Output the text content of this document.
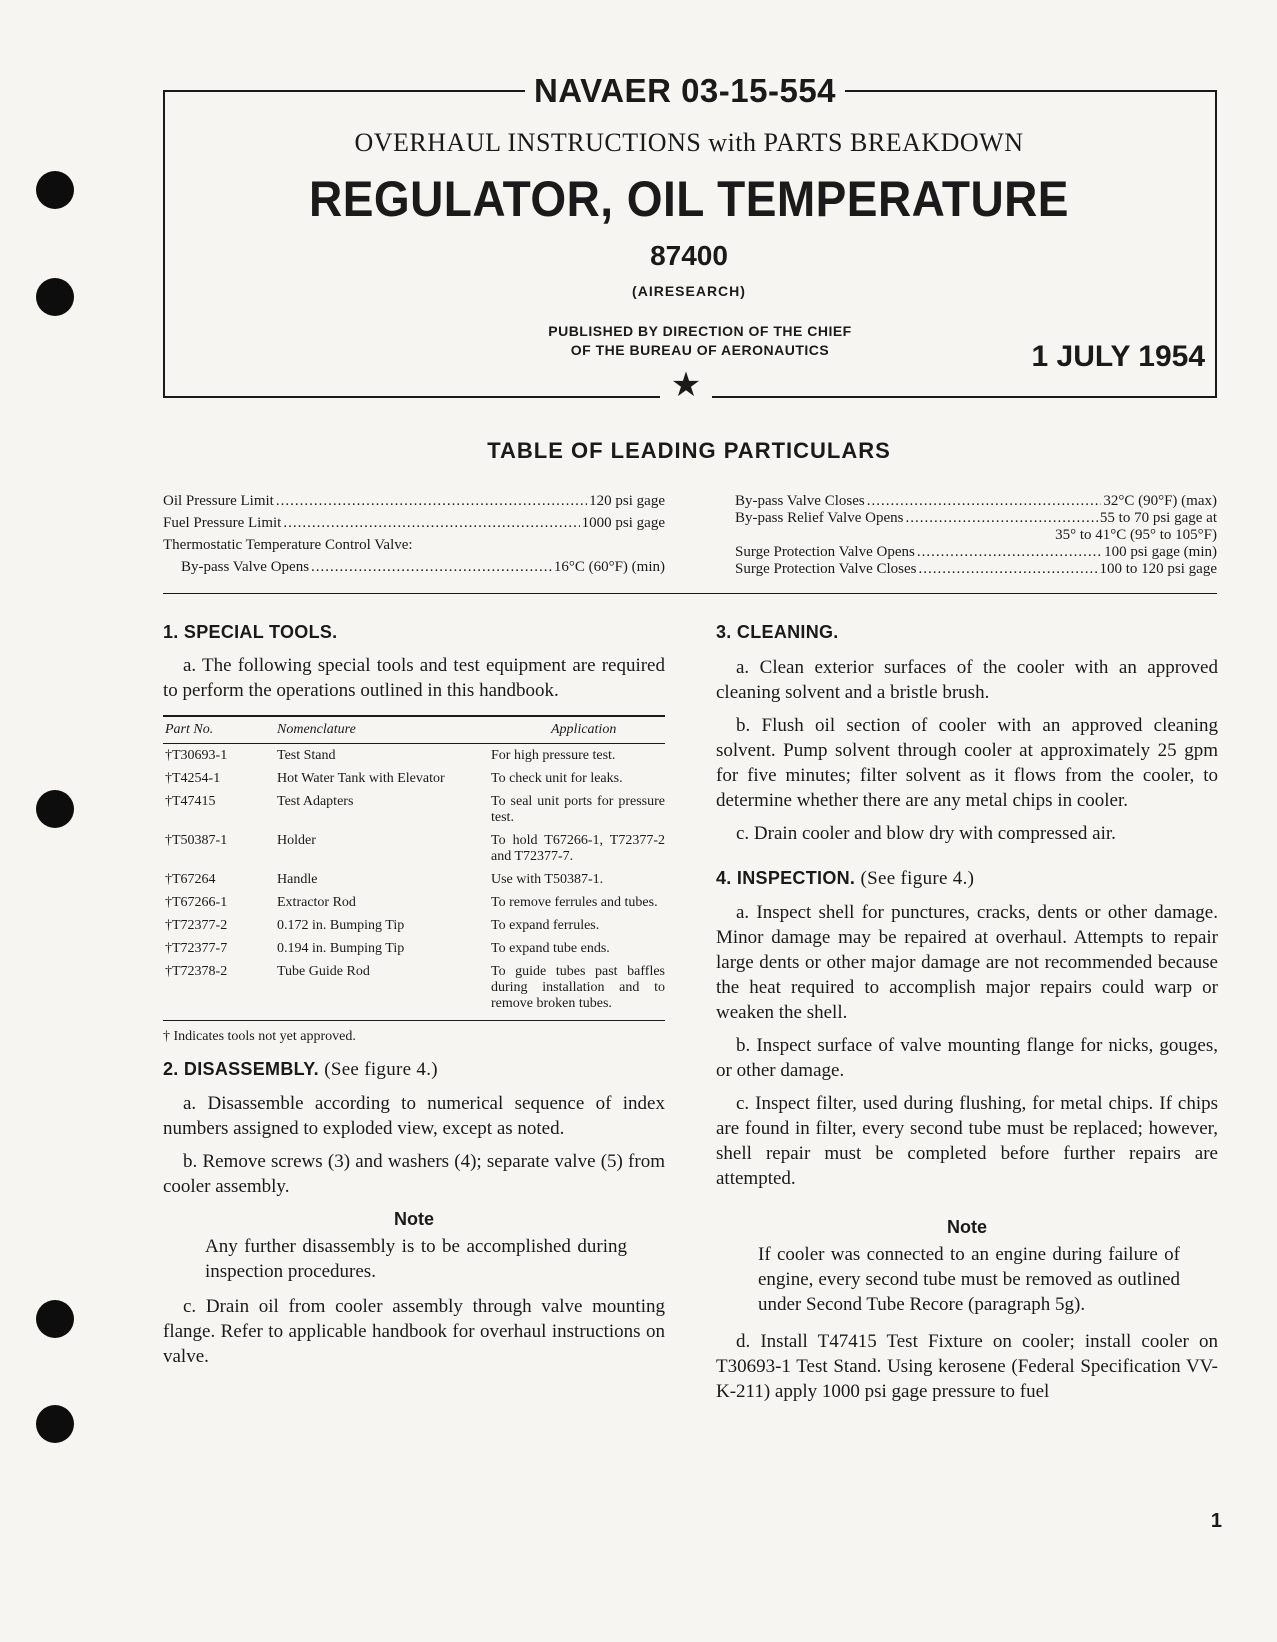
NAVAER 03-15-554
OVERHAUL INSTRUCTIONS with PARTS BREAKDOWN
REGULATOR, OIL TEMPERATURE
87400
(AIRESEARCH)
PUBLISHED BY DIRECTION OF THE CHIEF
OF THE BUREAU OF AERONAUTICS	1 JULY 1954
★
TABLE OF LEADING PARTICULARS
Oil Pressure Limit .....	120 psi gage
Fuel Pressure Limit .....	1000 psi gage
Thermostatic Temperature Control Valve:
By-pass Valve Opens .....	16°C (60°F) (min)
By-pass Valve Closes .....	32°C (90°F) (max)
By-pass Relief Valve Opens .....	55 to 70 psi gage at
35° to 41°C (95° to 105°F)
Surge Protection Valve Opens .....	100 psi gage (min)
Surge Protection Valve Closes .....	100 to 120 psi gage
1. SPECIAL TOOLS.

a. The following special tools and test equipment are required to perform the operations outlined in this handbook.

Part No.	Nomenclature	Application
†T30693-1	Test Stand	For high pressure test.
†T4254-1	Hot Water Tank with Elevator	To check unit for leaks.
†T47415	Test Adapters	To seal unit ports for pressure test.
†T50387-1	Holder	To hold T67266-1, T72377-2 and T72377-7.
†T67264	Handle	Use with T50387-1.
†T67266-1	Extractor Rod	To remove ferrules and tubes.
†T72377-2	0.172 in. Bumping Tip	To expand ferrules.
†T72377-7	0.194 in. Bumping Tip	To expand tube ends.
†T72378-2	Tube Guide Rod	To guide tubes past baffles during installation and to remove broken tubes.
† Indicates tools not yet approved.
2. DISASSEMBLY. (See figure 4.)

a. Disassemble according to numerical sequence of index numbers assigned to exploded view, except as noted.

b. Remove screws (3) and washers (4); separate valve (5) from cooler assembly.

Note
Any further disassembly is to be accomplished during inspection procedures.

c. Drain oil from cooler assembly through valve mounting flange. Refer to applicable handbook for overhaul instructions on valve.

3. CLEANING.

a. Clean exterior surfaces of the cooler with an approved cleaning solvent and a bristle brush.

b. Flush oil section of cooler with an approved cleaning solvent. Pump solvent through cooler at approximately 25 gpm for five minutes; filter solvent as it flows from the cooler, to determine whether there are any metal chips in cooler.

c. Drain cooler and blow dry with compressed air.

4. INSPECTION. (See figure 4.)

a. Inspect shell for punctures, cracks, dents or other damage. Minor damage may be repaired at overhaul. Attempts to repair large dents or other major damage are not recommended because the heat required to accomplish major repairs could warp or weaken the shell.

b. Inspect surface of valve mounting flange for nicks, gouges, or other damage.

c. Inspect filter, used during flushing, for metal chips. If chips are found in filter, every second tube must be replaced; however, shell repair must be completed before further repairs are attempted.

Note
If cooler was connected to an engine during failure of engine, every second tube must be removed as outlined under Second Tube Recore (paragraph 5g).

d. Install T47415 Test Fixture on cooler; install cooler on T30693-1 Test Stand. Using kerosene (Federal Specification VV-K-211) apply 1000 psi gage pressure to fuel

1
